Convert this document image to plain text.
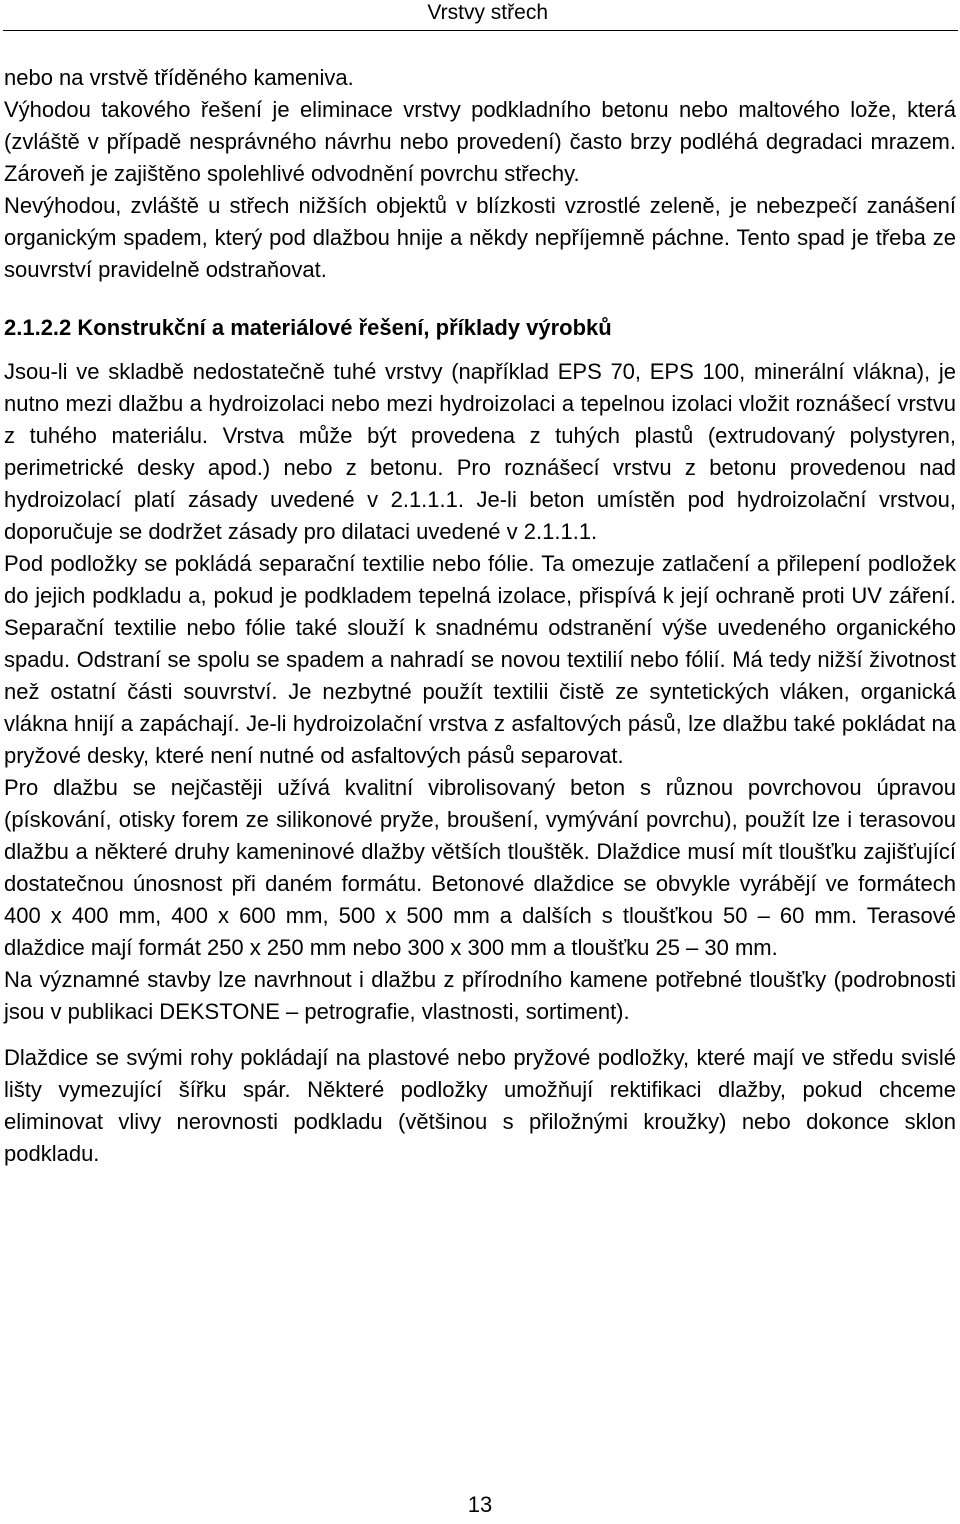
Vrstvy střech

nebo na vrstvě tříděného kameniva.

Výhodou takového řešení je eliminace vrstvy podkladního betonu nebo maltového lože, která (zvláště v případě nesprávného návrhu nebo provedení) často brzy podléhá degradaci mrazem. Zároveň je zajištěno spolehlivé odvodnění povrchu střechy.

Nevýhodou, zvláště u střech nižších objektů v blízkosti vzrostlé zeleně, je nebezpečí zanášení organickým spadem, který pod dlažbou hnije a někdy nepříjemně páchne. Tento spad je třeba ze souvrství pravidelně odstraňovat.

2.1.2.2 Konstrukční a materiálové řešení, příklady výrobků

Jsou-li ve skladbě nedostatečně tuhé vrstvy (například EPS 70, EPS 100, minerální vlákna), je nutno mezi dlažbu a hydroizolaci nebo mezi hydroizolaci a tepelnou izolaci vložit roznášecí vrstvu z tuhého materiálu. Vrstva může být provedena z tuhých plastů (extrudovaný polystyren, perimetrické desky apod.) nebo z betonu. Pro roznášecí vrstvu z betonu provedenou nad hydroizolací platí zásady uvedené v 2.1.1.1. Je-li beton umístěn pod hydroizolační vrstvou, doporučuje se dodržet zásady pro dilataci uvedené v 2.1.1.1.

Pod podložky se pokládá separační textilie nebo fólie. Ta omezuje zatlačení a přilepení podložek do jejich podkladu a, pokud je podkladem tepelná izolace, přispívá k její ochraně proti UV záření. Separační textilie nebo fólie také slouží k snadnému odstranění výše uvedeného organického spadu. Odstraní se spolu se spadem a nahradí se novou textilií nebo fólií. Má tedy nižší životnost než ostatní části souvrství. Je nezbytné použít textilii čistě ze syntetických vláken, organická vlákna hnijí a zapáchají. Je-li hydroizolační vrstva z asfaltových pásů, lze dlažbu také pokládat na pryžové desky, které není nutné od asfaltových pásů separovat.

Pro dlažbu se nejčastěji užívá kvalitní vibrolisovaný beton s různou povrchovou úpravou (pískování, otisky forem ze silikonové pryže, broušení, vymývání povrchu), použít lze i terasovou dlažbu a některé druhy kameninové dlažby větších tlouštěk. Dlaždice musí mít tloušťku zajišťující dostatečnou únosnost při daném formátu. Betonové dlaždice se obvykle vyrábějí ve formátech 400 x 400 mm, 400 x 600 mm, 500 x 500 mm a dalších s tloušťkou 50 – 60 mm. Terasové dlaždice mají formát 250 x 250 mm nebo 300 x 300 mm a tloušťku 25 – 30 mm.

Na významné stavby lze navrhnout i dlažbu z přírodního kamene potřebné tloušťky (podrobnosti jsou v publikaci DEKSTONE – petrografie, vlastnosti, sortiment).

Dlaždice se svými rohy pokládají na plastové nebo pryžové podložky, které mají ve středu svislé lišty vymezující šířku spár. Některé podložky umožňují rektifikaci dlažby, pokud chceme eliminovat vlivy nerovnosti podkladu (většinou s přiložnými kroužky) nebo dokonce sklon podkladu.

13
